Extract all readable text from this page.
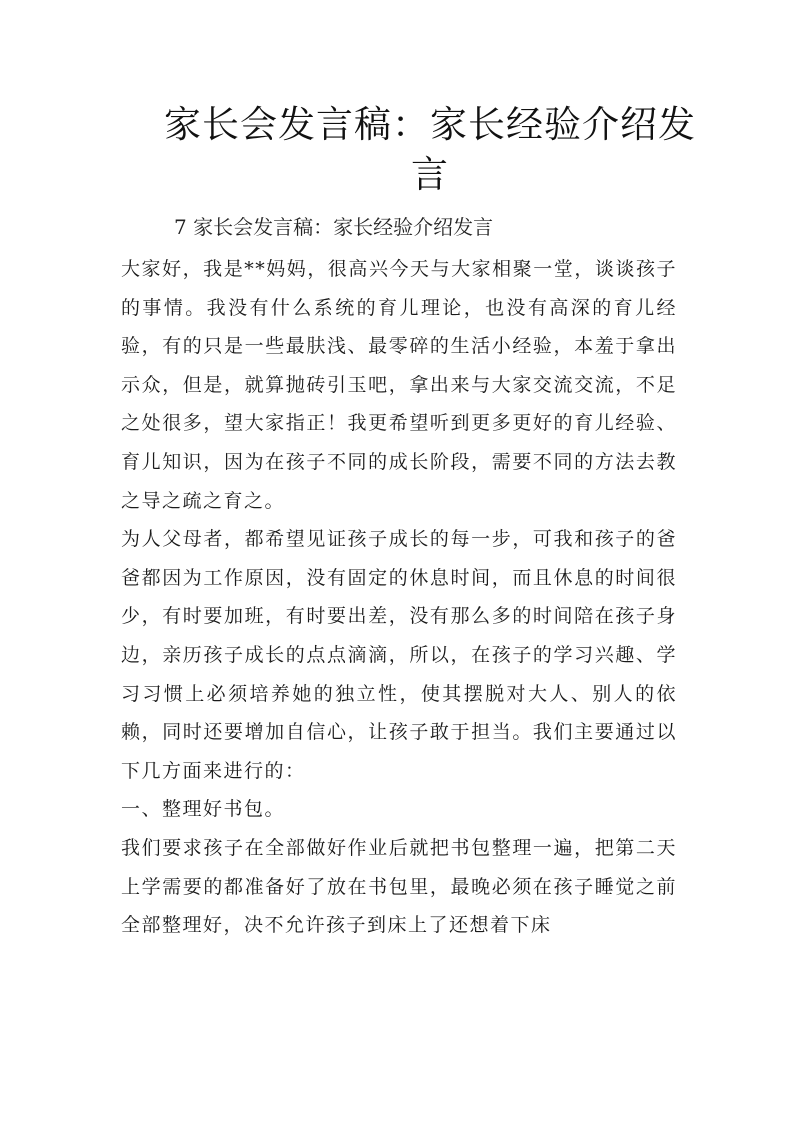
家长会发言稿：家长经验介绍发言
7 家长会发言稿：家长经验介绍发言

大家好，我是**妈妈，很高兴今天与大家相聚一堂，谈谈孩子的事情。我没有什么系统的育儿理论，也没有高深的育儿经验，有的只是一些最肤浅、最零碎的生活小经验，本羞于拿出示众，但是，就算抛砖引玉吧，拿出来与大家交流交流，不足之处很多，望大家指正！我更希望听到更多更好的育儿经验、育儿知识，因为在孩子不同的成长阶段，需要不同的方法去教之导之疏之育之。

为人父母者，都希望见证孩子成长的每一步，可我和孩子的爸爸都因为工作原因，没有固定的休息时间，而且休息的时间很少，有时要加班，有时要出差，没有那么多的时间陪在孩子身边，亲历孩子成长的点点滴滴，所以，在孩子的学习兴趣、学习习惯上必须培养她的独立性，使其摆脱对大人、别人的依赖，同时还要增加自信心，让孩子敢于担当。我们主要通过以下几方面来进行的：

一、整理好书包。

我们要求孩子在全部做好作业后就把书包整理一遍，把第二天上学需要的都准备好了放在书包里，最晚必须在孩子睡觉之前全部整理好，决不允许孩子到床上了还想着下床
